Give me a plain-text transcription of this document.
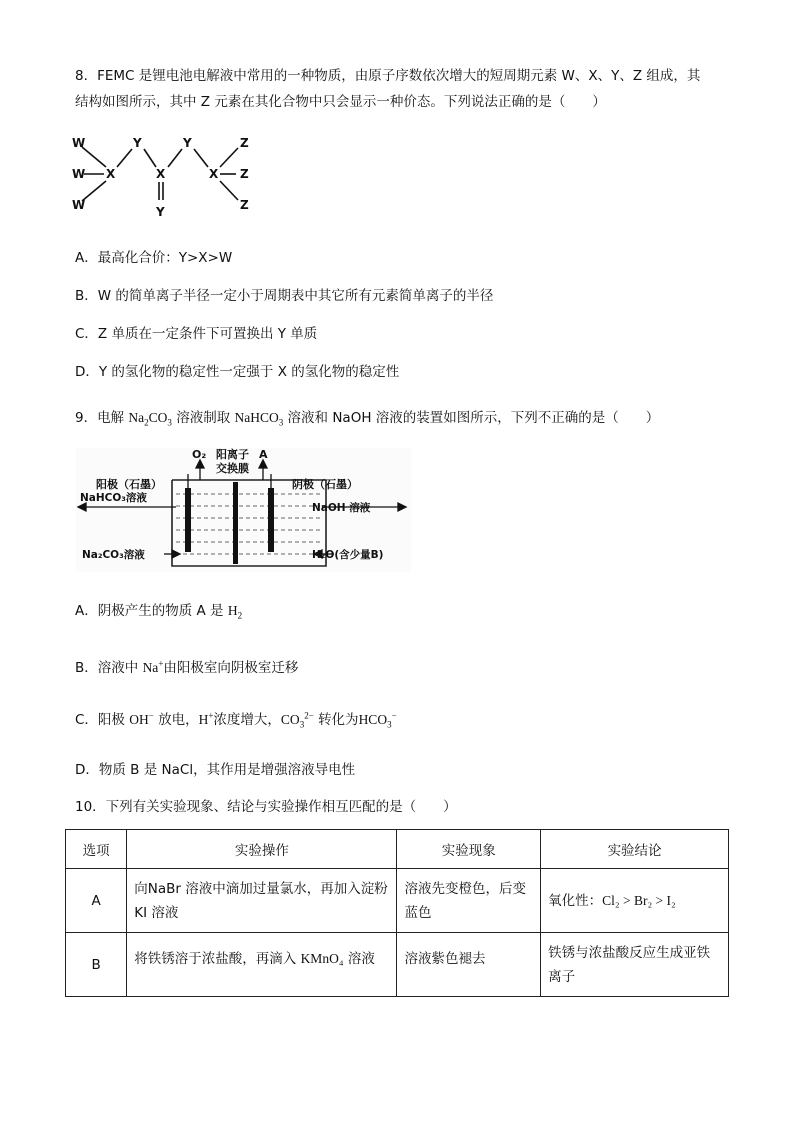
8．FEMC 是锂电池电解液中常用的一种物质，由原子序数依次增大的短周期元素 W、X、Y、Z 组成，其
结构如图所示，其中 Z 元素在其化合物中只会显示一种价态。下列说法正确的是（　　）
W
W
W
X
Y
X
Y
X
Y
Z
Z
Z
A．最高化合价：Y>X>W
B．W 的简单离子半径一定小于周期表中其它所有元素简单离子的半径
C．Z 单质在一定条件下可置换出 Y 单质
D．Y 的氢化物的稳定性一定强于 X 的氢化物的稳定性
9．电解 $Na_2CO_3$ 溶液制取 NaHCO$_3$ 溶液和 NaOH 溶液的装置如图所示，下列不正确的是（　　）
O₂ 阳离子
交换膜
A
阳极（石墨）	阴极（石墨）
NaHCO₃溶液
NaOH 溶液
Na₂CO₃溶液	H₂O(含少量B)
A．阴极产生的物质 A 是 $H_2$
B．溶液中 Na+由阳极室向阴极室迁移
C．阳极 OH− 放电，H+浓度增大，$CO_3^{2-}$ 转化为$HCO_3^-$
D．物质 B 是 NaCl，其作用是增强溶液导电性
10．下列有关实验现象、结论与实验操作相互匹配的是（　　）
选项	实验操作	实验现象	实验结论
A	向NaBr 溶液中滴加过量氯水，再加入淀粉 KI 溶液	溶液先变橙色，后变蓝色	氧化性：Cl₂ > Br₂ > I₂
B	将铁锈溶于浓盐酸，再滴入 KMnO₄ 溶液	溶液紫色褪去	铁锈与浓盐酸反应生成亚铁离子
